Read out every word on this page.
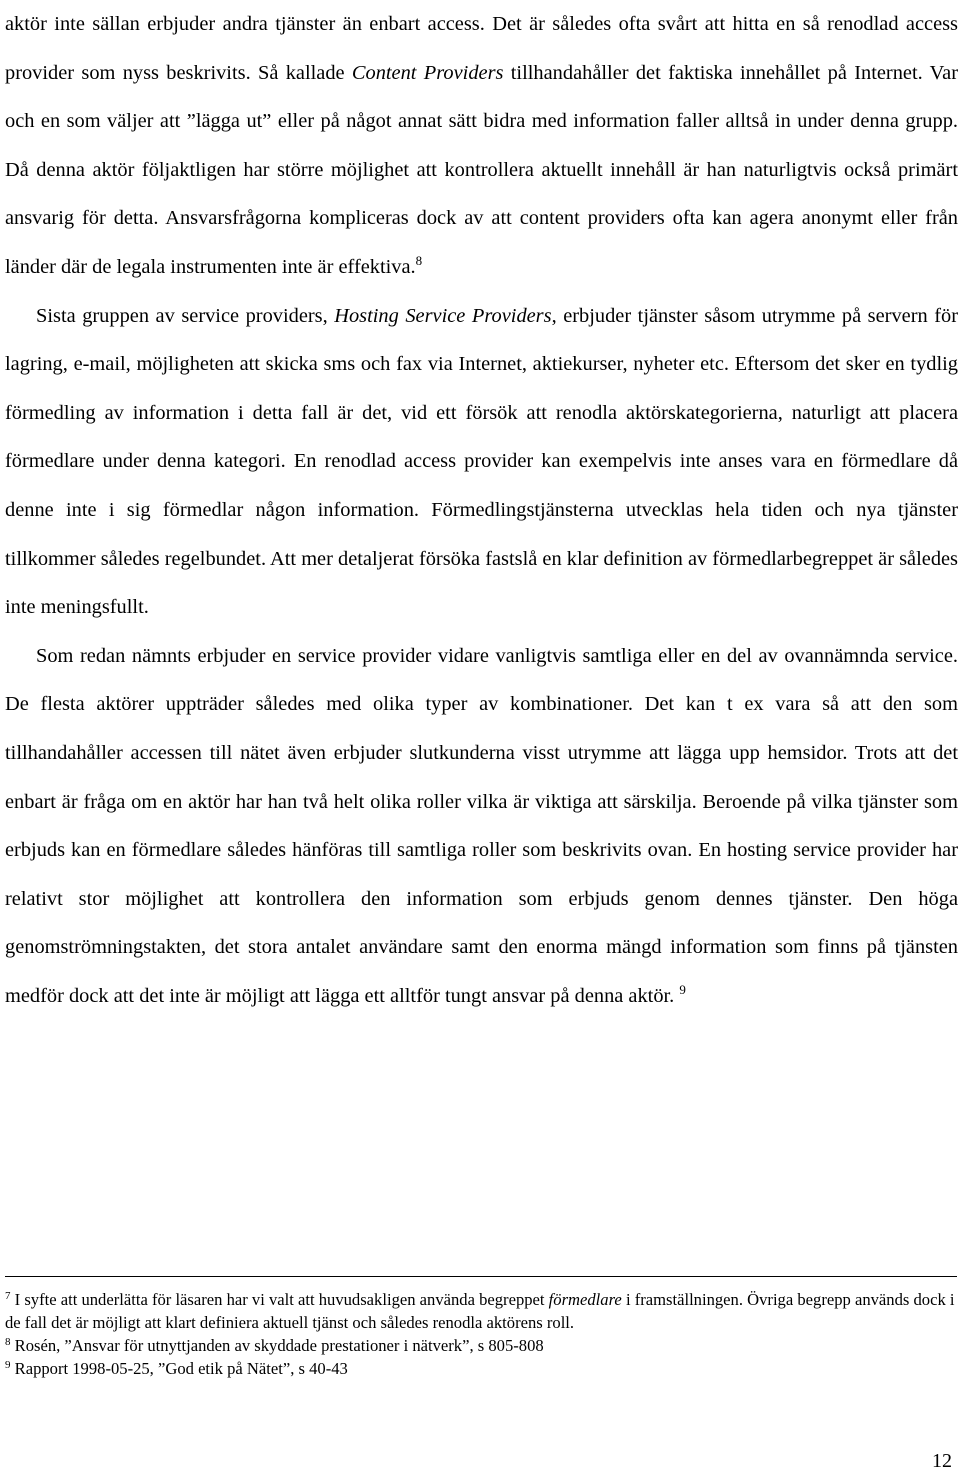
aktör inte sällan erbjuder andra tjänster än enbart access. Det är således ofta svårt att hitta en så renodlad access provider som nyss beskrivits. Så kallade Content Providers tillhandahåller det faktiska innehållet på Internet. Var och en som väljer att ”lägga ut” eller på något annat sätt bidra med information faller alltså in under denna grupp. Då denna aktör följaktligen har större möjlighet att kontrollera aktuellt innehåll är han naturligtvis också primärt ansvarig för detta. Ansvarsfrågorna kompliceras dock av att content providers ofta kan agera anonymt eller från länder där de legala instrumenten inte är effektiva.$^8$

Sista gruppen av service providers, Hosting Service Providers, erbjuder tjänster såsom utrymme på servern för lagring, e-mail, möjligheten att skicka sms och fax via Internet, aktiekurser, nyheter etc. Eftersom det sker en tydlig förmedling av information i detta fall är det, vid ett försök att renodla aktörskategorierna, naturligt att placera förmedlare under denna kategori. En renodlad access provider kan exempelvis inte anses vara en förmedlare då denne inte i sig förmedlar någon information. Förmedlingstjänsterna utvecklas hela tiden och nya tjänster tillkommer således regelbundet. Att mer detaljerat försöka fastslå en klar definition av förmedlarbegreppet är således inte meningsfullt.

Som redan nämnts erbjuder en service provider vidare vanligtvis samtliga eller en del av ovannämnda service. De flesta aktörer uppträder således med olika typer av kombinationer. Det kan t ex vara så att den som tillhandahåller accessen till nätet även erbjuder slutkunderna visst utrymme att lägga upp hemsidor. Trots att det enbart är fråga om en aktör har han två helt olika roller vilka är viktiga att särskilja. Beroende på vilka tjänster som erbjuds kan en förmedlare således hänföras till samtliga roller som beskrivits ovan. En hosting service provider har relativt stor möjlighet att kontrollera den information som erbjuds genom dennes tjänster. Den höga genomströmningstakten, det stora antalet användare samt den enorma mängd information som finns på tjänsten medför dock att det inte är möjligt att lägga ett alltför tungt ansvar på denna aktör. $^9$

$^7$ I syfte att underlätta för läsaren har vi valt att huvudsakligen använda begreppet förmedlare i framställningen. Övriga begrepp används dock i de fall det är möjligt att klart definiera aktuell tjänst och således renodla aktörens roll.

$^8$ Rosén, ”Ansvar för utnyttjanden av skyddade prestationer i nätverk”, s 805-808

$^9$ Rapport 1998-05-25, ”God etik på Nätet”, s 40-43

12
